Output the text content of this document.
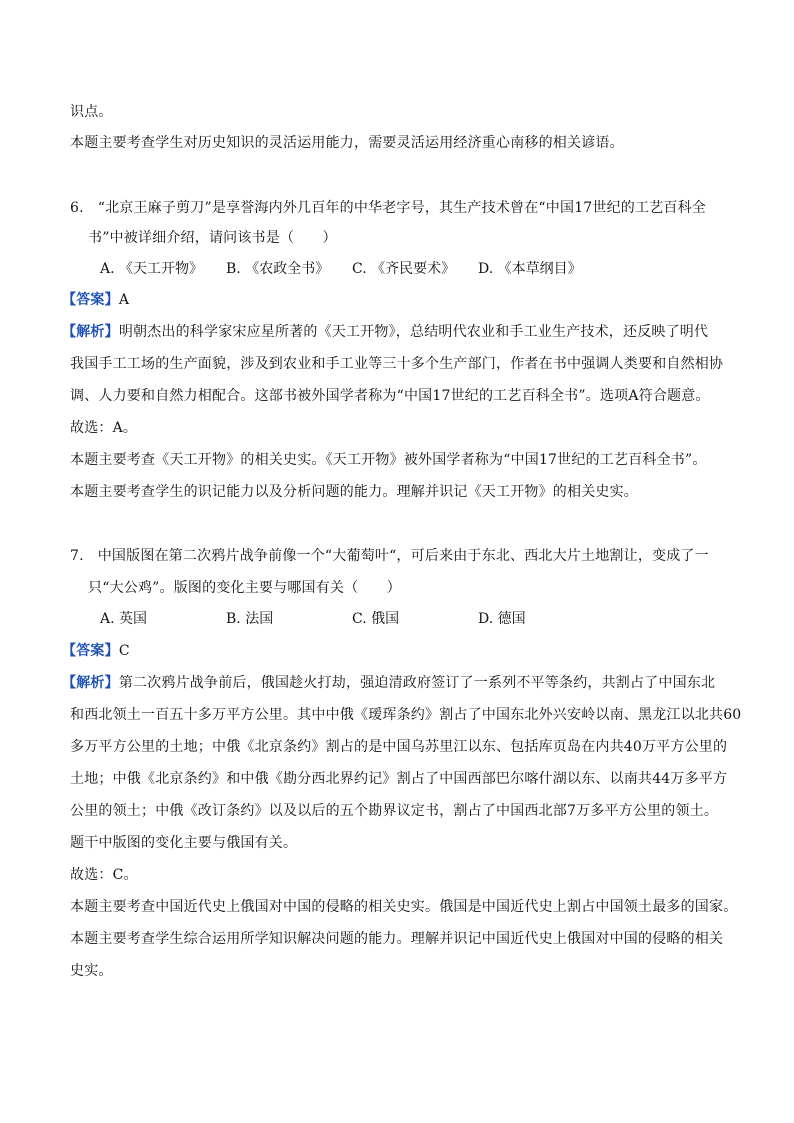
识点。
本题主要考查学生对历史知识的灵活运用能力，需要灵活运用经济重心南移的相关谚语。
6. “北京王麻子剪刀”是享誉海内外几百年的中华老字号，其生产技术曾在“中国17世纪的工艺百科全
书”中被详细介绍，请问该书是（　　）
A. 《天工开物》 B. 《农政全书》 C. 《齐民要术》 D. 《本草纲目》
【答案】A
【解析】明朝杰出的科学家宋应星所著的《天工开物》，总结明代农业和手工业生产技术，还反映了明代
我国手工工场的生产面貌，涉及到农业和手工业等三十多个生产部门，作者在书中强调人类要和自然相协
调、人力要和自然力相配合。这部书被外国学者称为“中国17世纪的工艺百科全书”。选项A符合题意。
故选：A。
本题主要考查《天工开物》的相关史实。《天工开物》被外国学者称为“中国17世纪的工艺百科全书”。
本题主要考查学生的识记能力以及分析问题的能力。理解并识记《天工开物》的相关史实。
7. 中国版图在第二次鸦片战争前像一个“大葡萄叶“，可后来由于东北、西北大片土地割让，变成了一
只“大公鸡”。版图的变化主要与哪国有关（　　）
A. 英国	B. 法国	C. 俄国	D. 德国
【答案】C
【解析】第二次鸦片战争前后，俄国趁火打劫，强迫清政府签订了一系列不平等条约，共割占了中国东北
和西北领土一百五十多万平方公里。其中中俄《瑷珲条约》割占了中国东北外兴安岭以南、黑龙江以北共60
多万平方公里的土地；中俄《北京条约》割占的是中国乌苏里江以东、包括库页岛在内共40万平方公里的
土地；中俄《北京条约》和中俄《勘分西北界约记》割占了中国西部巴尔喀什湖以东、以南共44万多平方
公里的领土；中俄《改订条约》以及以后的五个勘界议定书，割占了中国西北部7万多平方公里的领土。
题干中版图的变化主要与俄国有关。
故选：C。
本题主要考查中国近代史上俄国对中国的侵略的相关史实。俄国是中国近代史上割占中国领土最多的国家。
本题主要考查学生综合运用所学知识解决问题的能力。理解并识记中国近代史上俄国对中国的侵略的相关
史实。
